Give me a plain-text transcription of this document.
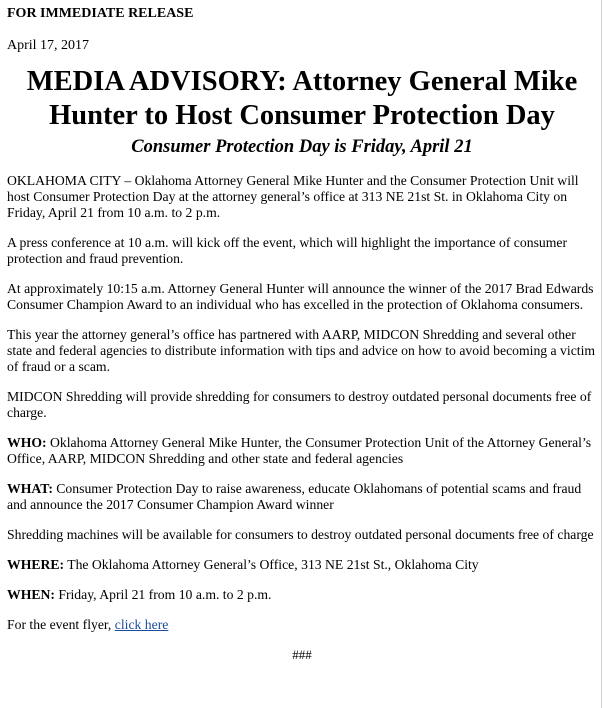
FOR IMMEDIATE RELEASE

April 17, 2017

MEDIA ADVISORY: Attorney General Mike Hunter to Host Consumer Protection Day
Consumer Protection Day is Friday, April 21

OKLAHOMA CITY – Oklahoma Attorney General Mike Hunter and the Consumer Protection Unit will host Consumer Protection Day at the attorney general’s office at 313 NE 21st St. in Oklahoma City on Friday, April 21 from 10 a.m. to 2 p.m.

A press conference at 10 a.m. will kick off the event, which will highlight the importance of consumer protection and fraud prevention.

At approximately 10:15 a.m. Attorney General Hunter will announce the winner of the 2017 Brad Edwards Consumer Champion Award to an individual who has excelled in the protection of Oklahoma consumers.

This year the attorney general’s office has partnered with AARP, MIDCON Shredding and several other state and federal agencies to distribute information with tips and advice on how to avoid becoming a victim of fraud or a scam.

MIDCON Shredding will provide shredding for consumers to destroy outdated personal documents free of charge.

WHO: Oklahoma Attorney General Mike Hunter, the Consumer Protection Unit of the Attorney General’s Office, AARP, MIDCON Shredding and other state and federal agencies

WHAT: Consumer Protection Day to raise awareness, educate Oklahomans of potential scams and fraud and announce the 2017 Consumer Champion Award winner

Shredding machines will be available for consumers to destroy outdated personal documents free of charge

WHERE: The Oklahoma Attorney General’s Office, 313 NE 21st St., Oklahoma City

WHEN: Friday, April 21 from 10 a.m. to 2 p.m.

For the event flyer, click here

###
